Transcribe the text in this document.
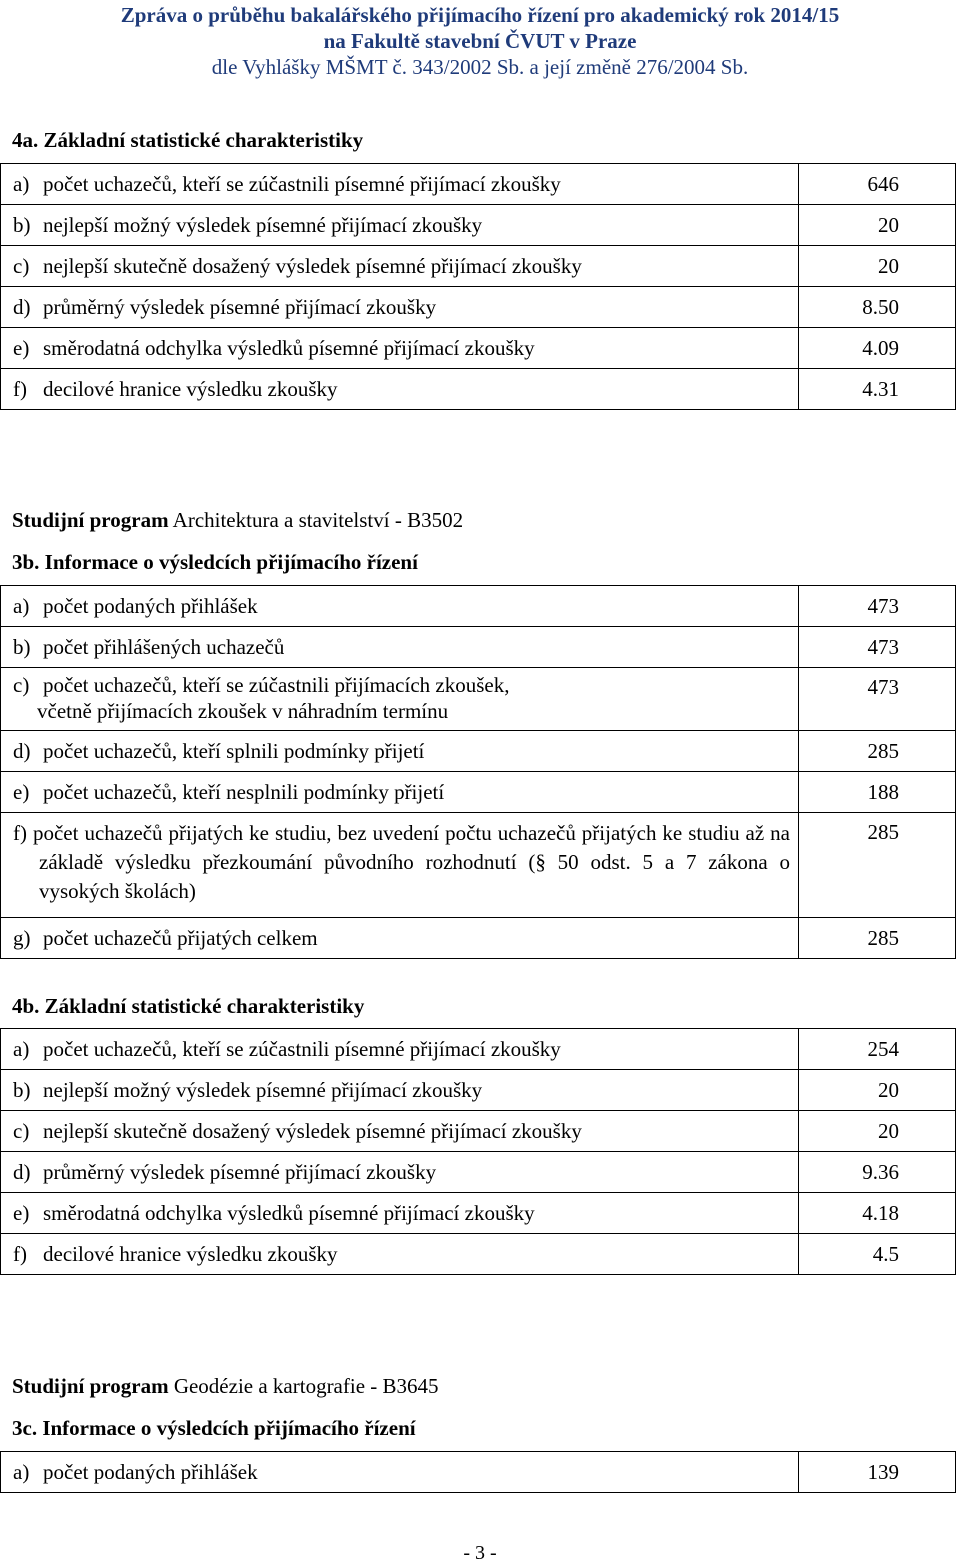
Zpráva o průběhu bakalářského přijímacího řízení pro akademický rok 2014/15
na Fakultě stavební ČVUT v Praze
dle Vyhlášky MŠMT č. 343/2002 Sb. a její změně 276/2004 Sb.
4a. Základní statistické charakteristiky
a) počet uchazečů, kteří se zúčastnili písemné přijímací zkoušky	646
b) nejlepší možný výsledek písemné přijímací zkoušky	20
c) nejlepší skutečně dosažený výsledek písemné přijímací zkoušky	20
d) průměrný výsledek písemné přijímací zkoušky	8.50
e) směrodatná odchylka výsledků písemné přijímací zkoušky	4.09
f) decilové hranice výsledku zkoušky	4.31
Studijní program Architektura a stavitelství - B3502
3b. Informace o výsledcích přijímacího řízení
a) počet podaných přihlášek	473
b) počet přihlášených uchazečů	473
c) počet uchazečů, kteří se zúčastnili přijímacích zkoušek,
včetně přijímacích zkoušek v náhradním termínu	473
d) počet uchazečů, kteří splnili podmínky přijetí	285
e) počet uchazečů, kteří nesplnili podmínky přijetí	188
f) počet uchazečů přijatých ke studiu, bez uvedení počtu uchazečů přijatých ke studiu až na základě výsledku přezkoumání původního rozhodnutí (§ 50 odst. 5 a 7 zákona o vysokých školách)	285
g) počet uchazečů přijatých celkem	285
4b. Základní statistické charakteristiky
a) počet uchazečů, kteří se zúčastnili písemné přijímací zkoušky	254
b) nejlepší možný výsledek písemné přijímací zkoušky	20
c) nejlepší skutečně dosažený výsledek písemné přijímací zkoušky	20
d) průměrný výsledek písemné přijímací zkoušky	9.36
e) směrodatná odchylka výsledků písemné přijímací zkoušky	4.18
f) decilové hranice výsledku zkoušky	4.5
Studijní program Geodézie a kartografie - B3645
3c. Informace o výsledcích přijímacího řízení
a) počet podaných přihlášek	139
- 3 -
